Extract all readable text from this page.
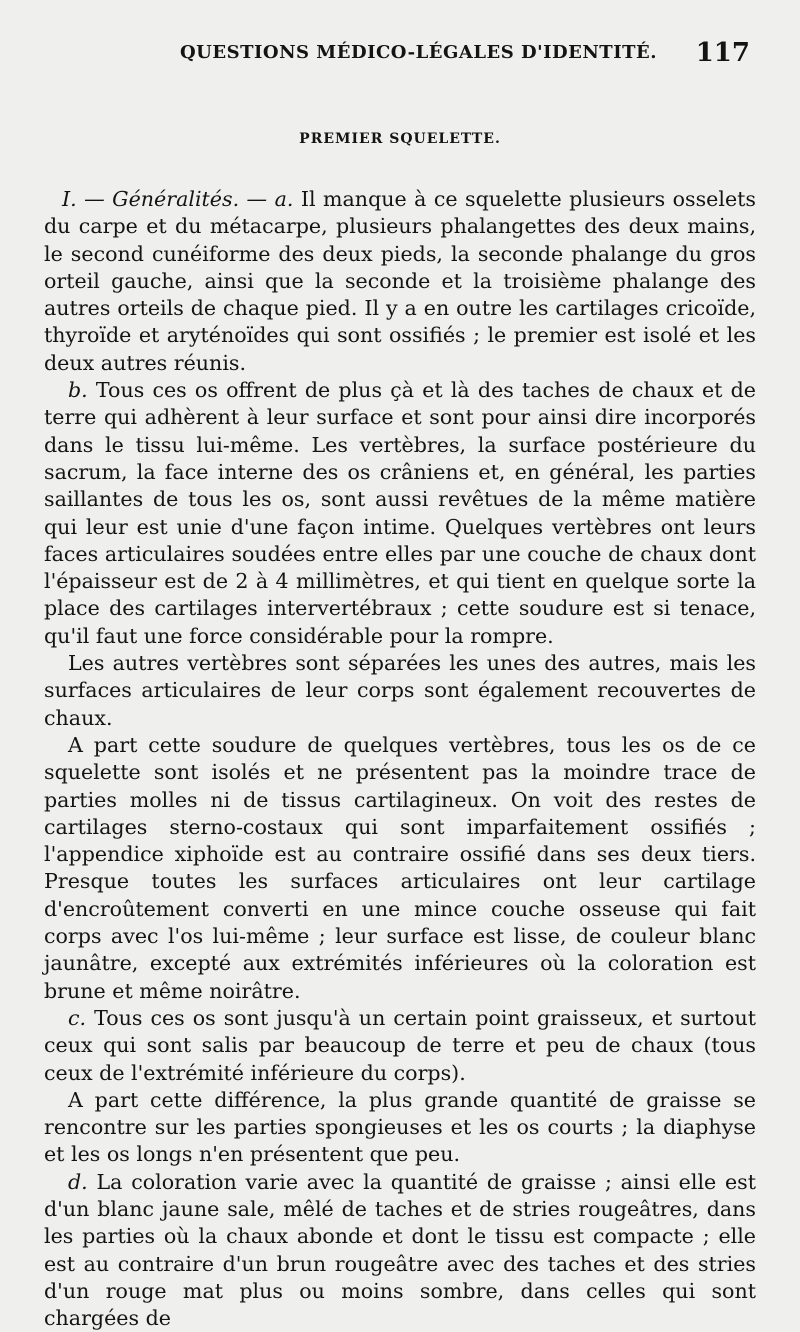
QUESTIONS MÉDICO-LÉGALES D'IDENTITÉ. 117
PREMIER SQUELETTE.

I. — Généralités. — a. Il manque à ce squelette plusieurs osselets du carpe et du métacarpe, plusieurs phalangettes des deux mains, le second cunéiforme des deux pieds, la seconde phalange du gros orteil gauche, ainsi que la seconde et la troisième phalange des autres orteils de chaque pied. Il y a en outre les cartilages cricoïde, thyroïde et aryténoïdes qui sont ossifiés ; le premier est isolé et les deux autres réunis.

b. Tous ces os offrent de plus çà et là des taches de chaux et de terre qui adhèrent à leur surface et sont pour ainsi dire incorporés dans le tissu lui-même. Les vertèbres, la surface postérieure du sacrum, la face interne des os crâniens et, en général, les parties saillantes de tous les os, sont aussi revêtues de la même matière qui leur est unie d'une façon intime. Quelques vertèbres ont leurs faces articulaires soudées entre elles par une couche de chaux dont l'épaisseur est de 2 à 4 millimètres, et qui tient en quelque sorte la place des cartilages intervertébraux ; cette soudure est si tenace, qu'il faut une force considérable pour la rompre.

Les autres vertèbres sont séparées les unes des autres, mais les surfaces articulaires de leur corps sont également recouvertes de chaux.

A part cette soudure de quelques vertèbres, tous les os de ce squelette sont isolés et ne présentent pas la moindre trace de parties molles ni de tissus cartilagineux. On voit des restes de cartilages sterno-costaux qui sont imparfaitement ossifiés ; l'appendice xiphoïde est au contraire ossifié dans ses deux tiers. Presque toutes les surfaces articulaires ont leur cartilage d'encroûtement converti en une mince couche osseuse qui fait corps avec l'os lui-même ; leur surface est lisse, de couleur blanc jaunâtre, excepté aux extrémités inférieures où la coloration est brune et même noirâtre.

c. Tous ces os sont jusqu'à un certain point graisseux, et surtout ceux qui sont salis par beaucoup de terre et peu de chaux (tous ceux de l'extrémité inférieure du corps).

A part cette différence, la plus grande quantité de graisse se rencontre sur les parties spongieuses et les os courts ; la diaphyse et les os longs n'en présentent que peu.

d. La coloration varie avec la quantité de graisse ; ainsi elle est d'un blanc jaune sale, mêlé de taches et de stries rougeâtres, dans les parties où la chaux abonde et dont le tissu est compacte ; elle est au contraire d'un brun rougeâtre avec des taches et des stries d'un rouge mat plus ou moins sombre, dans celles qui sont chargées de
